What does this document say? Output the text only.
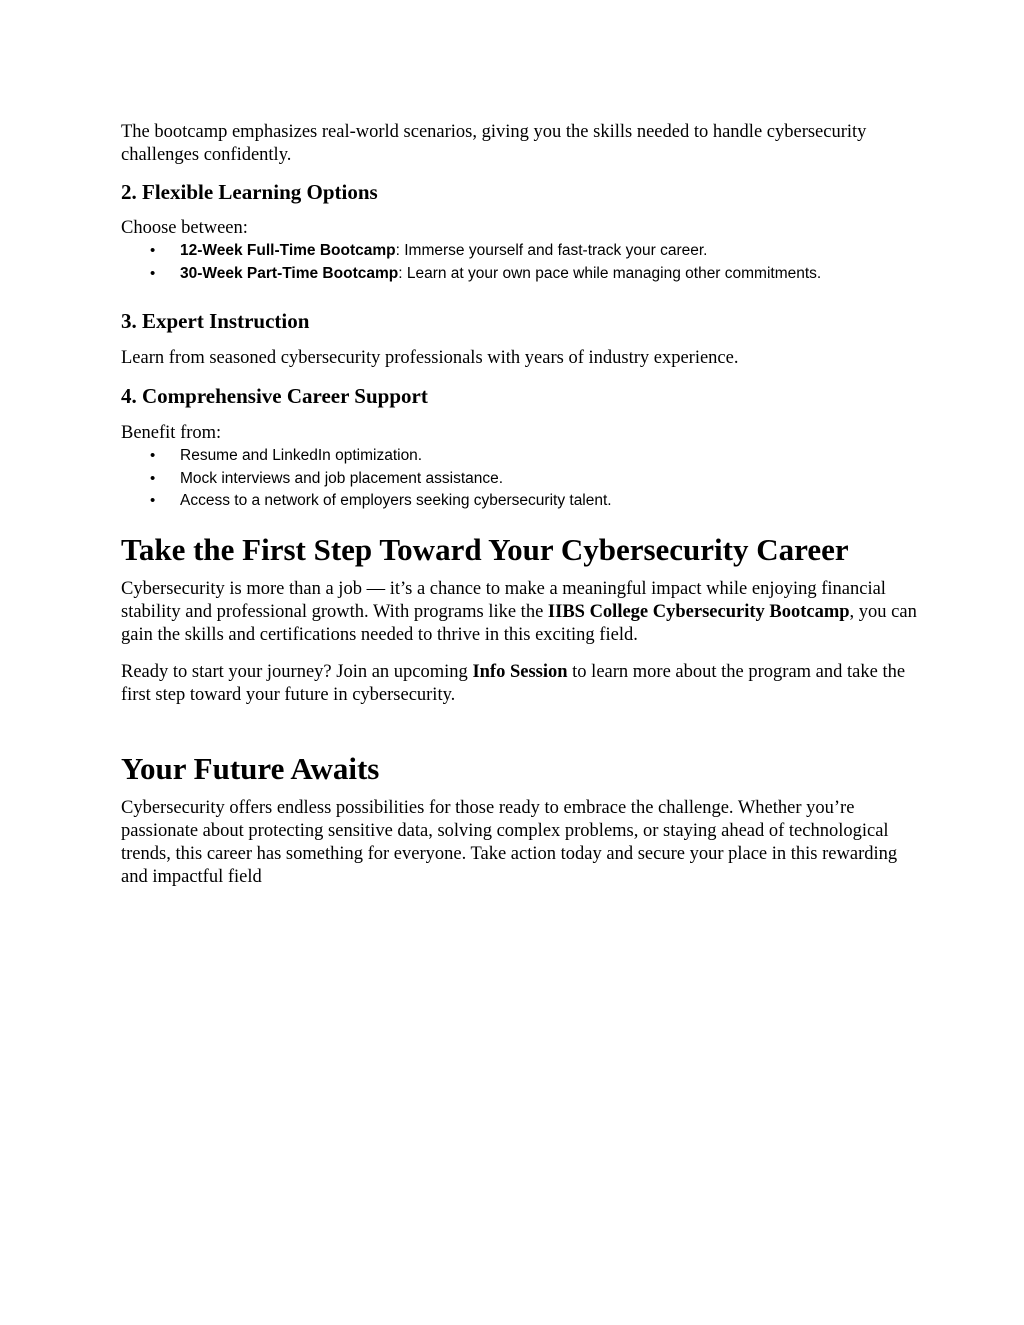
The bootcamp emphasizes real-world scenarios, giving you the skills needed to handle cybersecurity challenges confidently.

2. Flexible Learning Options

Choose between:

• 12-Week Full-Time Bootcamp: Immerse yourself and fast-track your career.
• 30-Week Part-Time Bootcamp: Learn at your own pace while managing other commitments.
3. Expert Instruction

Learn from seasoned cybersecurity professionals with years of industry experience.

4. Comprehensive Career Support

Benefit from:

• Resume and LinkedIn optimization.
• Mock interviews and job placement assistance.
• Access to a network of employers seeking cybersecurity talent.
Take the First Step Toward Your Cybersecurity Career

Cybersecurity is more than a job — it’s a chance to make a meaningful impact while enjoying financial stability and professional growth. With programs like the IIBS College Cybersecurity Bootcamp, you can gain the skills and certifications needed to thrive in this exciting field.

Ready to start your journey? Join an upcoming Info Session to learn more about the program and take the first step toward your future in cybersecurity.

Your Future Awaits

Cybersecurity offers endless possibilities for those ready to embrace the challenge. Whether you’re passionate about protecting sensitive data, solving complex problems, or staying ahead of technological trends, this career has something for everyone. Take action today and secure your place in this rewarding and impactful field
